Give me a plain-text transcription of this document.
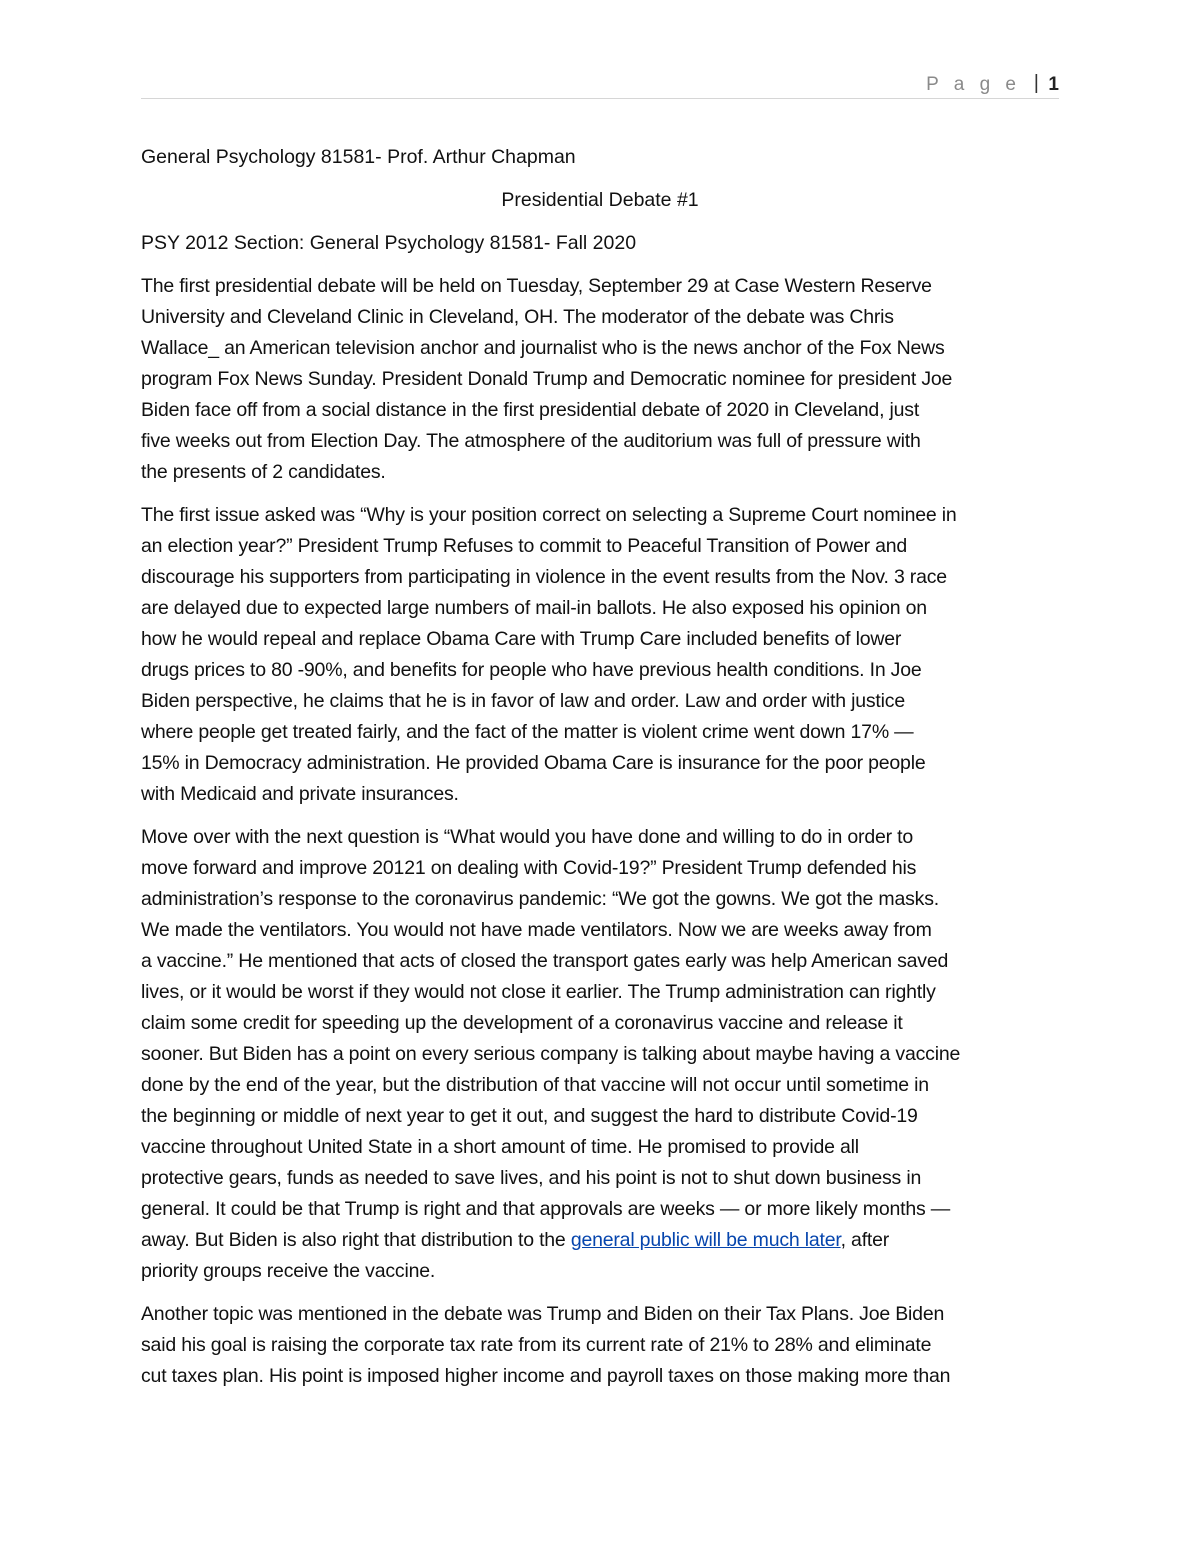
P a g e | 1

General Psychology 81581- Prof. Arthur Chapman

Presidential Debate #1

PSY 2012 Section: General Psychology 81581- Fall 2020

The first presidential debate will be held on Tuesday, September 29 at Case Western Reserve
University and Cleveland Clinic in Cleveland, OH. The moderator of the debate was Chris
Wallace_ an American television anchor and journalist who is the news anchor of the Fox News
program Fox News Sunday. President Donald Trump and Democratic nominee for president Joe
Biden face off from a social distance in the first presidential debate of 2020 in Cleveland, just
five weeks out from Election Day. The atmosphere of the auditorium was full of pressure with
the presents of 2 candidates.
The first issue asked was “Why is your position correct on selecting a Supreme Court nominee in
an election year?” President Trump Refuses to commit to Peaceful Transition of Power and
discourage his supporters from participating in violence in the event results from the Nov. 3 race
are delayed due to expected large numbers of mail-in ballots. He also exposed his opinion on
how he would repeal and replace Obama Care with Trump Care included benefits of lower
drugs prices to 80 -90%, and benefits for people who have previous health conditions. In Joe
Biden perspective, he claims that he is in favor of law and order. Law and order with justice
where people get treated fairly, and the fact of the matter is violent crime went down 17% —
15% in Democracy administration. He provided Obama Care is insurance for the poor people
with Medicaid and private insurances.
Move over with the next question is “What would you have done and willing to do in order to
move forward and improve 20121 on dealing with Covid-19?” President Trump defended his
administration’s response to the coronavirus pandemic: “We got the gowns. We got the masks.
We made the ventilators. You would not have made ventilators. Now we are weeks away from
a vaccine.” He mentioned that acts of closed the transport gates early was help American saved
lives, or it would be worst if they would not close it earlier. The Trump administration can rightly
claim some credit for speeding up the development of a coronavirus vaccine and release it
sooner. But Biden has a point on every serious company is talking about maybe having a vaccine
done by the end of the year, but the distribution of that vaccine will not occur until sometime in
the beginning or middle of next year to get it out, and suggest the hard to distribute Covid-19
vaccine throughout United State in a short amount of time. He promised to provide all
protective gears, funds as needed to save lives, and his point is not to shut down business in
general. It could be that Trump is right and that approvals are weeks — or more likely months —
away. But Biden is also right that distribution to the general public will be much later, after
priority groups receive the vaccine.
Another topic was mentioned in the debate was Trump and Biden on their Tax Plans. Joe Biden
said his goal is raising the corporate tax rate from its current rate of 21% to 28% and eliminate
cut taxes plan. His point is imposed higher income and payroll taxes on those making more than
